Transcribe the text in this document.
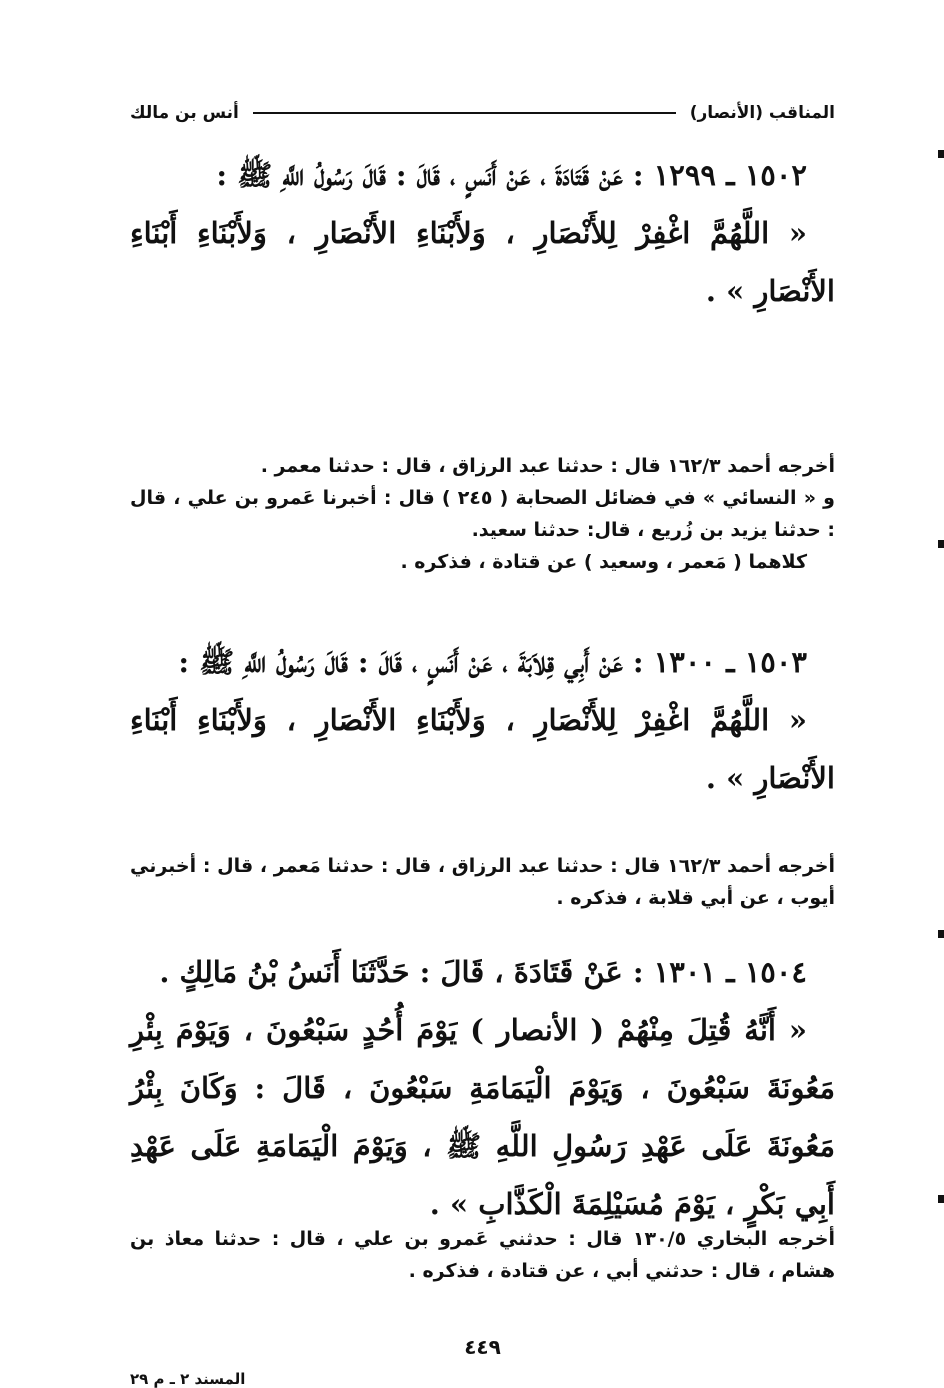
المناقب (الأنصار)
أنس بن مالك

١٥٠٢ ـ ١٢٩٩ : عَنْ قَتَادَةَ ، عَنْ أَنَسٍ ، قَالَ : قَالَ رَسُولُ اللَّهِ ﷺ :

« اللَّهُمَّ اغْفِرْ لِلأَنْصَارِ ، وَلأَبْنَاءِ الأَنْصَارِ ، وَلأَبْنَاءِ أَبْنَاءِ الأَنْصَارِ » .

أخرجه أحمد ١٦٢/٣ قال : حدثنا عبد الرزاق ، قال : حدثنا معمر .

و « النسائي » في فضائل الصحابة ( ٢٤٥ ) قال : أخبرنا عَمرو بن علي ، قال : حدثنا يزيد بن زُريع ، قال: حدثنا سعيد.

كلاهما ( مَعمر ، وسعيد ) عن قتادة ، فذكره .

١٥٠٣ ـ ١٣٠٠ : عَنْ أَبِي قِلاَبَةَ ، عَنْ أَنَسٍ ، قَالَ : قَالَ رَسُولُ اللَّهِ ﷺ :

« اللَّهُمَّ اغْفِرْ لِلأَنْصَارِ ، وَلأَبْنَاءِ الأَنْصَارِ ، وَلأَبْنَاءِ أَبْنَاءِ الأَنْصَارِ » .

أخرجه أحمد ١٦٢/٣ قال : حدثنا عبد الرزاق ، قال : حدثنا مَعمر ، قال : أخبرني أيوب ، عن أبي قلابة ، فذكره .

١٥٠٤ ـ ١٣٠١ : عَنْ قَتَادَةَ ، قَالَ : حَدَّثَنَا أَنَسُ بْنُ مَالِكٍ .

« أَنَّهُ قُتِلَ مِنْهُمْ ( الأنصار ) يَوْمَ أُحُدٍ سَبْعُونَ ، وَيَوْمَ بِئْرِ مَعُونَةَ سَبْعُونَ ، وَيَوْمَ الْيَمَامَةِ سَبْعُونَ ، قَالَ : وَكَانَ بِئْرُ مَعُونَةَ عَلَى عَهْدِ رَسُولِ اللَّهِ ﷺ ، وَيَوْمَ الْيَمَامَةِ عَلَى عَهْدِ أَبِي بَكْرٍ ، يَوْمَ مُسَيْلِمَةَ الْكَذَّابِ » .

أخرجه البخاري ١٣٠/٥ قال : حدثني عَمرو بن علي ، قال : حدثنا معاذ بن هشام ، قال : حدثني أبي ، عن قتادة ، فذكره .

٤٤٩
المسند ٢ ـ م ٢٩
